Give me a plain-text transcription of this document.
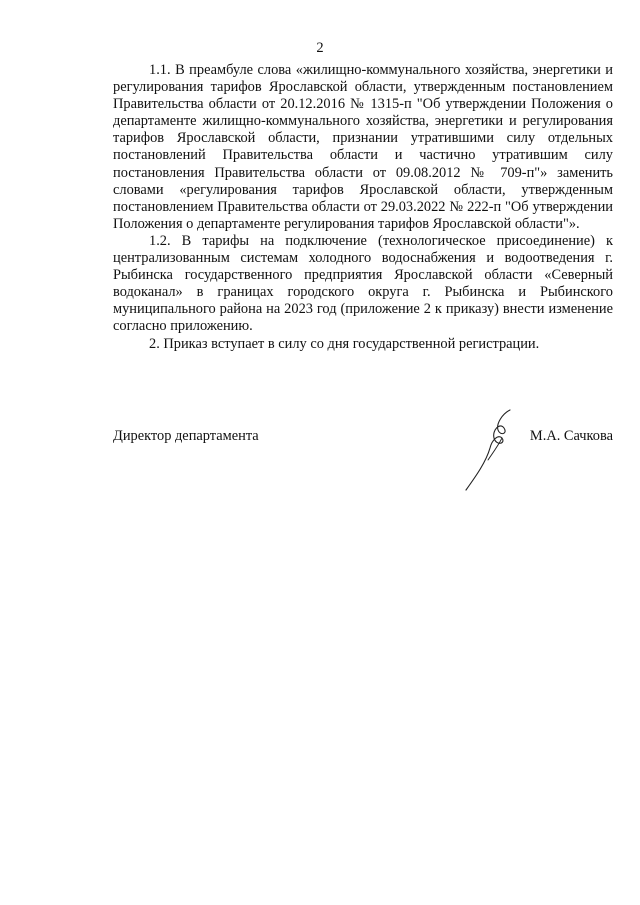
2

1.1. В преамбуле слова «жилищно-коммунального хозяйства, энергетики и регулирования тарифов Ярославской области, утвержденным постановлением Правительства области от 20.12.2016 № 1315-п "Об утверждении Положения о департаменте жилищно-коммунального хозяйства, энергетики и регулирования тарифов Ярославской области, признании утратившими силу отдельных постановлений Правительства области и частично утратившим силу постановления Правительства области от 09.08.2012 № 709-п"» заменить словами «регулирования тарифов Ярославской области, утвержденным постановлением Правительства области от 29.03.2022 № 222-п "Об утверждении Положения о департаменте регулирования тарифов Ярославской области"».

1.2. В тарифы на подключение (технологическое присоединение) к централизованным системам холодного водоснабжения и водоотведения г. Рыбинска государственного предприятия Ярославской области «Северный водоканал» в границах городского округа г. Рыбинска и Рыбинского муниципального района на 2023 год (приложение 2 к приказу) внести изменение согласно приложению.

2. Приказ вступает в силу со дня государственной регистрации.

Директор департамента	М.А. Сачкова
